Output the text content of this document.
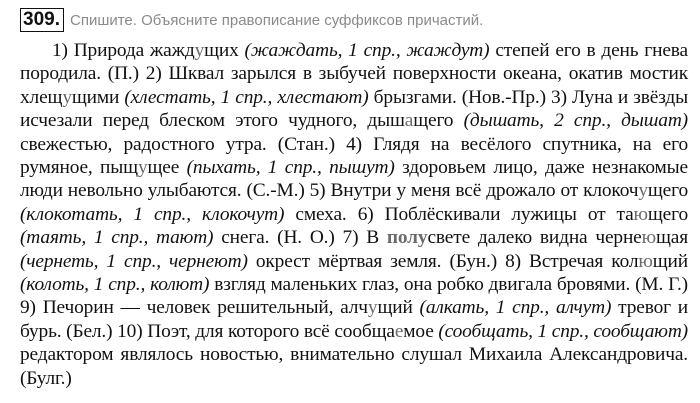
309. Спишите. Объясните правописание суффиксов причастий.

1) Природа жаждущих (жаждать, 1 спр., жаждут) степей его в день гнева породила. (П.) 2) Шквал зарылся в зыбучей поверхности океана, окатив мостик хлещущими (хлестать, 1 спр., хлестают) брызгами. (Нов.-Пр.) 3) Луна и звёзды исчезали перед блеском этого чудного, дышащего (дышать, 2 спр., дышат) свежестью, радостного утра. (Стан.) 4) Глядя на весёлого спутника, на его румяное, пыщущее (пыхать, 1 спр., пышут) здоровьем лицо, даже незнакомые люди невольно улыбаются. (С.-М.) 5) Внутри у меня всё дрожало от клокочущего (клокотать, 1 спр., клокочут) смеха. 6) Поблёскивали лужицы от тающего (таять, 1 спр., тают) снега. (Н. О.) 7) В полусвете далеко видна чернеющая (чернеть, 1 спр., чернеют) окрест мёртвая земля. (Бун.) 8) Встречая колющий (колоть, 1 спр., колют) взгляд маленьких глаз, она робко двигала бровями. (М. Г.) 9) Печорин — человек решительный, алчущий (алкать, 1 спр., алчут) тревог и бурь. (Бел.) 10) Поэт, для которого всё сообщаемое (сообщать, 1 спр., сообщают) редактором являлось новостью, внимательно слушал Михаила Александровича. (Булг.)
